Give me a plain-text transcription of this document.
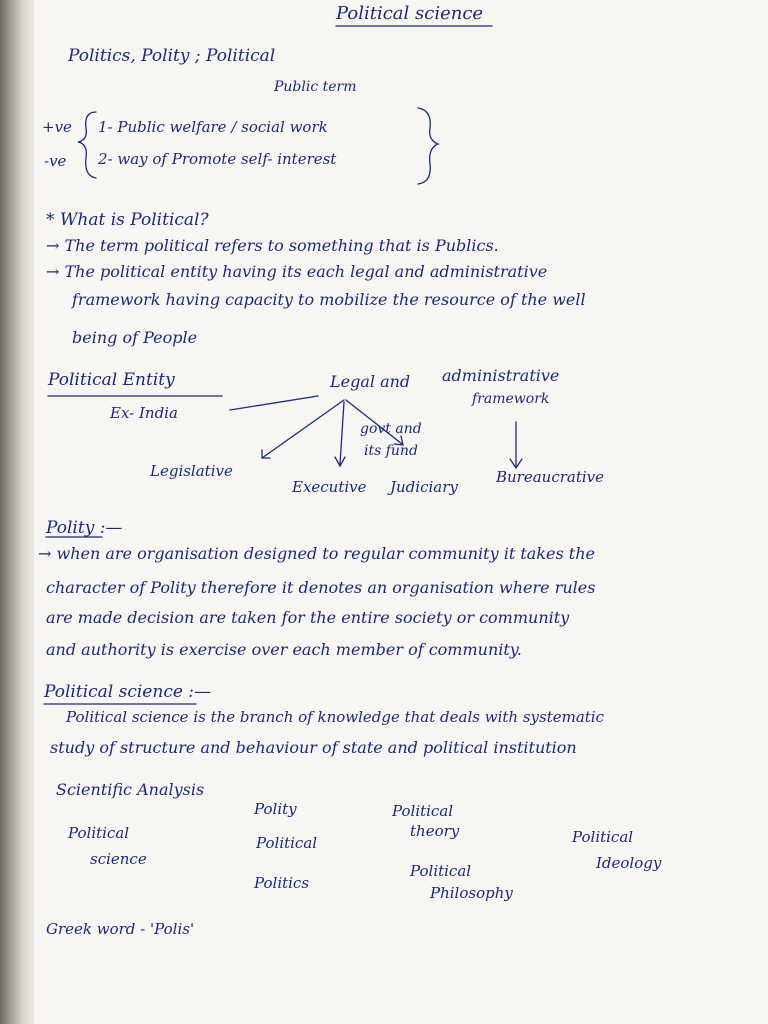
Political science
Politics, Polity ; Political
Public term
+ve
-ve
1- Public welfare / social work
2- way of Promote self- interest
* What is Political?
→ The term political refers to something that is Publics.
→ The political entity having its each legal and administrative
framework having capacity to mobilize the resource of the well
being of People
Political Entity
Ex- India
Legal and administrative
framework
govt and
its fund
Legislative
Executive Judiciary
Bureaucrative
Polity :—
→ when are organisation designed to regular community it takes the
character of Polity therefore it denotes an organisation where rules
are made decision are taken for the entire society or community
and authority is exercise over each member of community.
Political science :—
Political science is the branch of knowledge that deals with systematic
study of structure and behaviour of state and political institution
Scientific Analysis
Political
science
Polity
Political
Politics
Political
theory
Political
Philosophy
Political
Ideology
Greek word - 'Polis'
